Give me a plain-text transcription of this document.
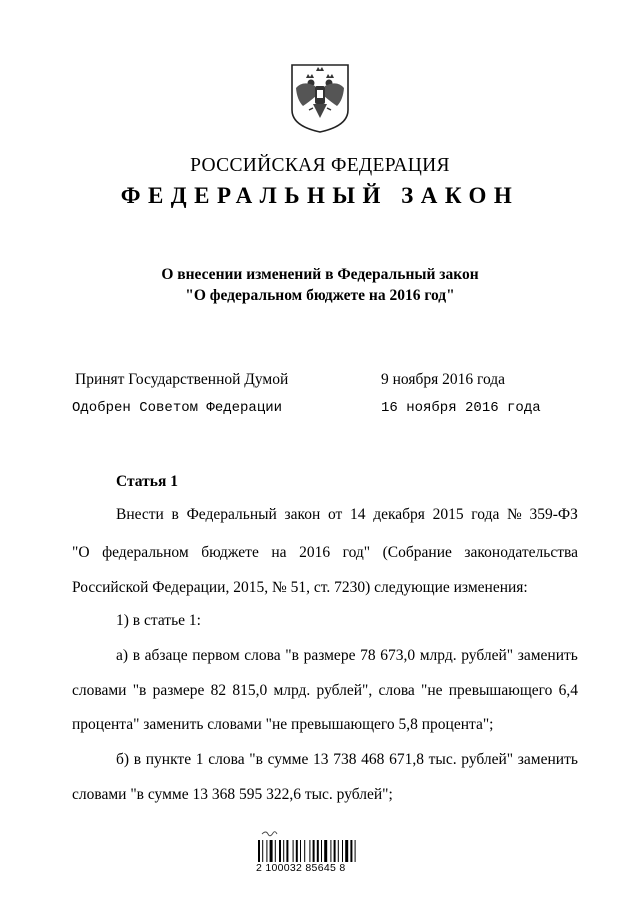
РОССИЙСКАЯ ФЕДЕРАЦИЯ
ФЕДЕРАЛЬНЫЙ ЗАКОН
О внесении изменений в Федеральный закон
"О федеральном бюджете на 2016 год"
Принят Государственной Думой	9 ноября 2016 года
Одобрен Советом Федерации	16 ноября 2016 года
Статья 1
Внести в Федеральный закон от 14 декабря 2015 года № 359-ФЗ
"О федеральном бюджете на 2016 год" (Собрание законодательства
Российской Федерации, 2015, № 51, ст. 7230) следующие изменения:
1) в статье 1:
а) в абзаце первом слова "в размере 78 673,0 млрд. рублей" заменить
словами "в размере 82 815,0 млрд. рублей", слова "не превышающего 6,4
процента" заменить словами "не превышающего 5,8 процента";
б) в пункте 1 слова "в сумме 13 738 468 671,8 тыс. рублей" заменить
словами "в сумме 13 368 595 322,6 тыс. рублей";
2 100032 85645 8
